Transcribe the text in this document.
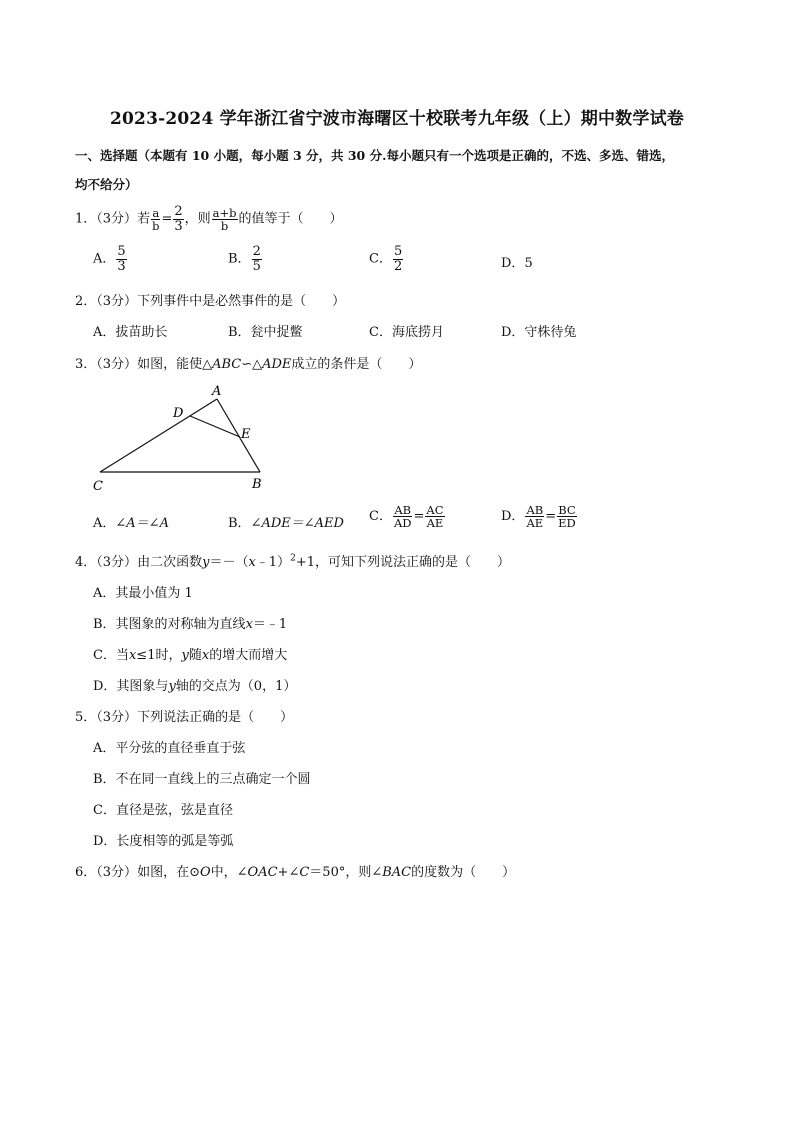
2023-2024 学年浙江省宁波市海曙区十校联考九年级（上）期中数学试卷
一、选择题（本题有 10 小题，每小题 3 分，共 30 分.每小题只有一个选项是正确的，不选、多选、错选，
均不给分）
1．（3分）若 $\frac{a}{b} = \frac{2}{3}$ ，则 $\frac{a+b}{b}$ 的值等于（　　）
A． $\frac{5}{3}$	B． $\frac{2}{5}$	C． $\frac{5}{2}$	D．5
2．（3分）下列事件中是必然事件的是（　　）
A．拔苗助长	B．瓮中捉鳖	C．海底捞月	D．守株待兔
3．（3分）如图，能使△ABC∽△ADE成立的条件是（　　）
A
D
E
C	B
A．∠A＝∠A	B．∠ADE＝∠AED C． $\frac{AB}{AD} = \frac{AC}{AE}$	D． $\frac{AB}{AE} = \frac{BC}{ED}$
4．（3分）由二次函数y＝－（x﹣1）$^2$+1，可知下列说法正确的是（　　）
A．其最小值为 1
B．其图象的对称轴为直线x＝﹣1
C．当x≤1时，y随x的增大而增大
D．其图象与y轴的交点为（0，1）
5．（3分）下列说法正确的是（　　）
A．平分弦的直径垂直于弦
B．不在同一直线上的三点确定一个圆
C．直径是弦，弦是直径
D．长度相等的弧是等弧
6．（3分）如图，在⊙O中，∠OAC+∠C＝50°，则∠BAC的度数为（　　）
